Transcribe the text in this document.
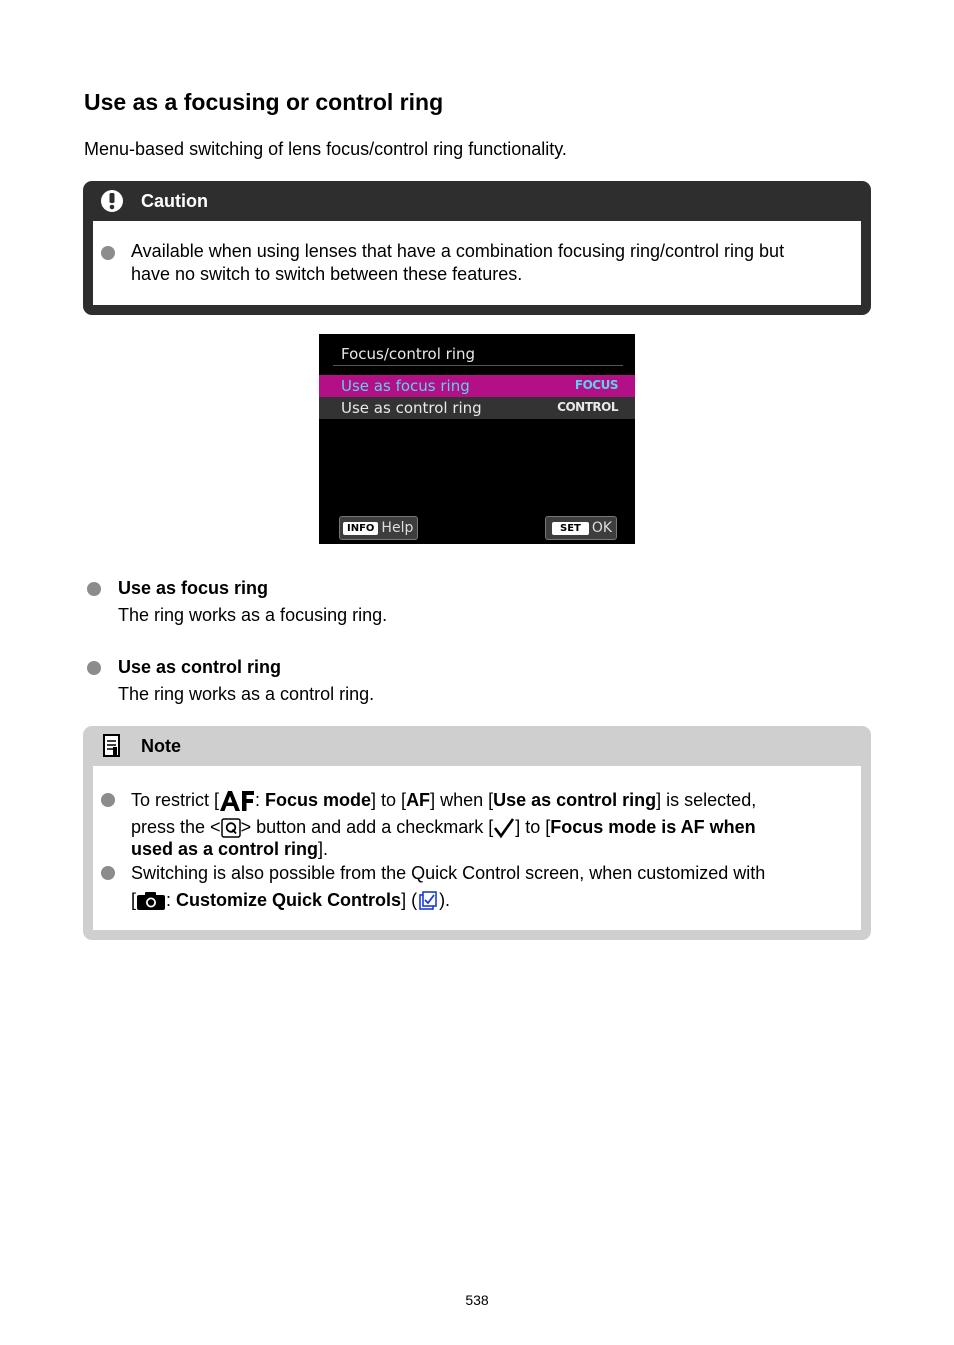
Use as a focusing or control ring

Menu-based switching of lens focus/control ring functionality.

Caution
Available when using lenses that have a combination focusing ring/control ring but
have no switch to switch between these features.
Focus/control ring
Use as focus ring	FOCUS
Use as control ring	CONTROL
INFO Help	SET OK
Use as focus ring
The ring works as a focusing ring.
Use as control ring
The ring works as a control ring.
Note
To restrict [ : Focus mode] to [AF] when [Use as control ring] is selected,
press the < > button and add a checkmark [ ] to [Focus mode is AF when
used as a control ring].
Switching is also possible from the Quick Control screen, when customized with
[ : Customize Quick Controls] ( ).
538
